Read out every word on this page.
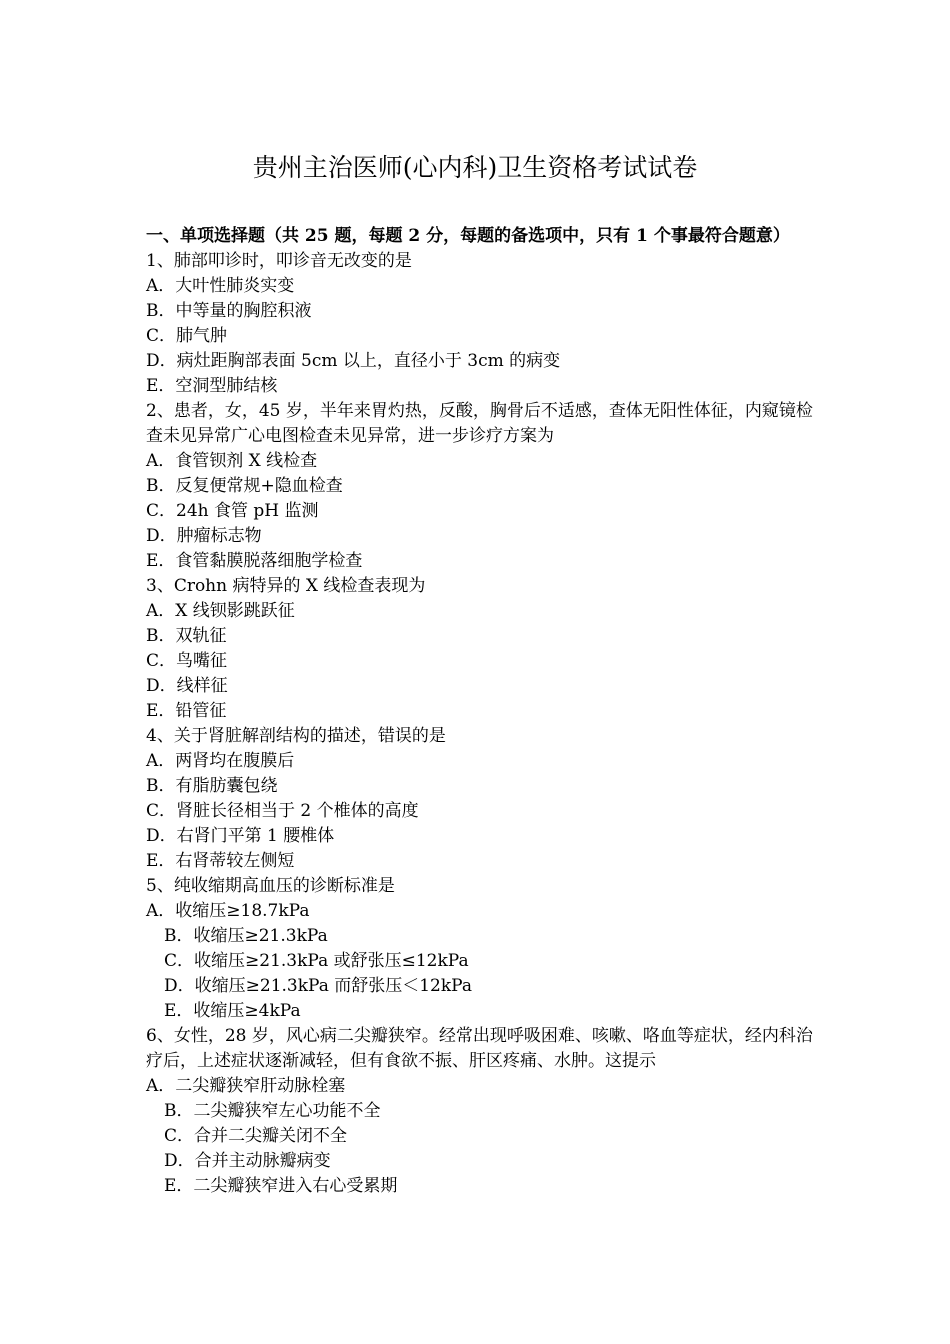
贵州主治医师(心内科)卫生资格考试试卷
一、单项选择题（共 25 题，每题 2 分，每题的备选项中，只有 1 个事最符合题意）
1、肺部叩诊时，叩诊音无改变的是
A．大叶性肺炎实变
B．中等量的胸腔积液
C．肺气肿
D．病灶距胸部表面 5cm 以上，直径小于 3cm 的病变
E．空洞型肺结核
2、患者，女，45 岁，半年来胃灼热，反酸，胸骨后不适感，查体无阳性体征，内窥镜检查未见异常广心电图检查未见异常，进一步诊疗方案为
A．食管钡剂 X 线检查
B．反复便常规+隐血检查
C．24h 食管 pH 监测
D．肿瘤标志物
E．食管黏膜脱落细胞学检查
3、Crohn 病特异的 X 线检查表现为
A．X 线钡影跳跃征
B．双轨征
C．鸟嘴征
D．线样征
E．铅管征
4、关于肾脏解剖结构的描述，错误的是
A．两肾均在腹膜后
B．有脂肪囊包绕
C．肾脏长径相当于 2 个椎体的高度
D．右肾门平第 1 腰椎体
E．右肾蒂较左侧短
5、纯收缩期高血压的诊断标准是
A．收缩压≥18.7kPa
B．收缩压≥21.3kPa
C．收缩压≥21.3kPa 或舒张压≤12kPa
D．收缩压≥21.3kPa 而舒张压＜12kPa
E．收缩压≥4kPa
6、女性，28 岁，风心病二尖瓣狭窄。经常出现呼吸困难、咳嗽、咯血等症状，经内科治疗后，上述症状逐渐减轻，但有食欲不振、肝区疼痛、水肿。这提示
A．二尖瓣狭窄肝动脉栓塞
B．二尖瓣狭窄左心功能不全
C．合并二尖瓣关闭不全
D．合并主动脉瓣病变
E．二尖瓣狭窄进入右心受累期
